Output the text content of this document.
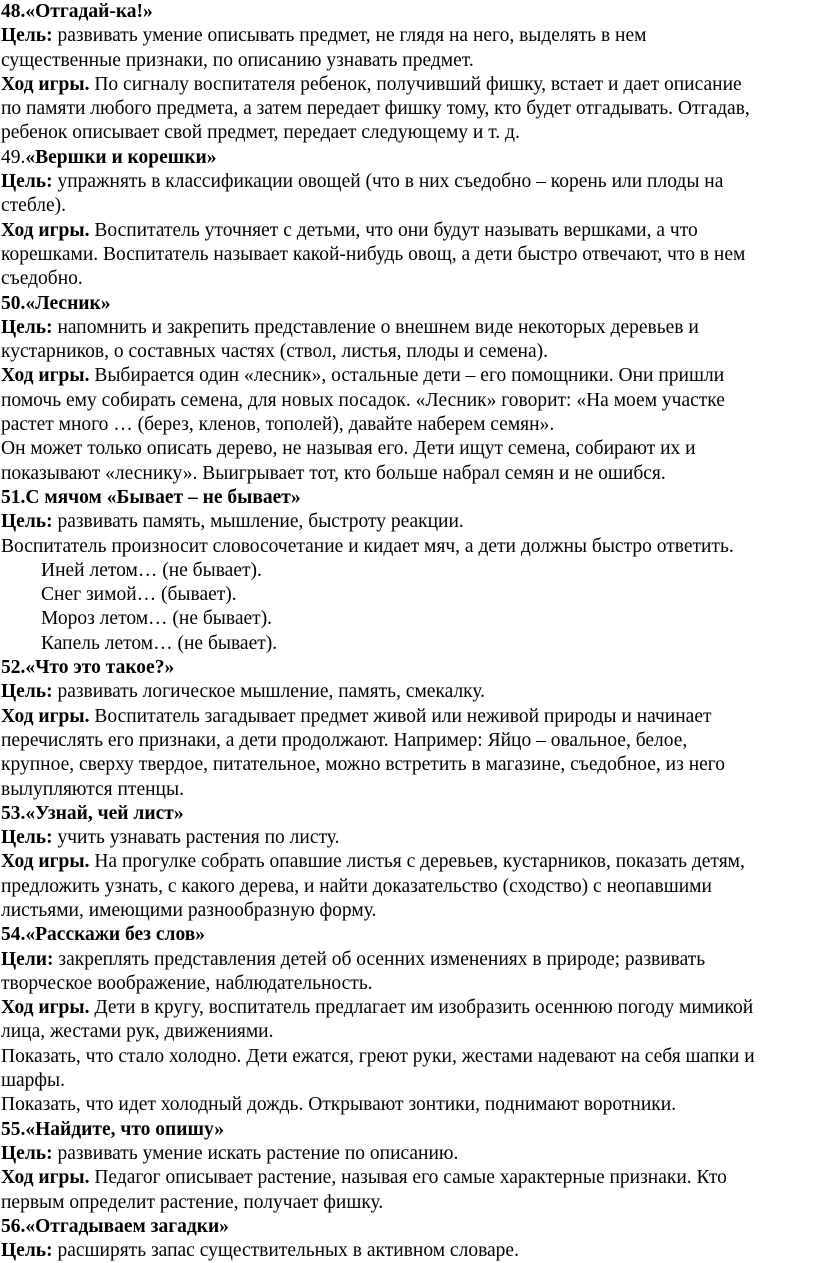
48.«Отгадай-ка!»

Цель: развивать умение описывать предмет, не глядя на него, выделять в нем

существенные признаки, по описанию узнавать предмет.

Ход игры. По сигналу воспитателя ребенок, получивший фишку, встает и дает описание

по памяти любого предмета, а затем передает фишку тому, кто будет отгадывать. Отгадав,

ребенок описывает свой предмет, передает следующему и т. д.

49.«Вершки и корешки»

Цель: упражнять в классификации овощей (что в них съедобно – корень или плоды на

стебле).

Ход игры. Воспитатель уточняет с детьми, что они будут называть вершками, а что

корешками. Воспитатель называет какой-нибудь овощ, а дети быстро отвечают, что в нем

съедобно.

50.«Лесник»

Цель: напомнить и закрепить представление о внешнем виде некоторых деревьев и

кустарников, о составных частях (ствол, листья, плоды и семена).

Ход игры. Выбирается один «лесник», остальные дети – его помощники. Они пришли

помочь ему собирать семена, для новых посадок. «Лесник» говорит: «На моем участке

растет много … (берез, кленов, тополей), давайте наберем семян».

Он может только описать дерево, не называя его. Дети ищут семена, собирают их и

показывают «леснику». Выигрывает тот, кто больше набрал семян и не ошибся.

51.С мячом «Бывает – не бывает»

Цель: развивать память, мышление, быстроту реакции.

Воспитатель произносит словосочетание и кидает мяч, а дети должны быстро ответить.

Иней летом… (не бывает).

Снег зимой… (бывает).

Мороз летом… (не бывает).

Капель летом… (не бывает).

52.«Что это такое?»

Цель: развивать логическое мышление, память, смекалку.

Ход игры. Воспитатель загадывает предмет живой или неживой природы и начинает

перечислять его признаки, а дети продолжают. Например: Яйцо – овальное, белое,

крупное, сверху твердое, питательное, можно встретить в магазине, съедобное, из него

вылупляются птенцы.

53.«Узнай, чей лист»

Цель: учить узнавать растения по листу.

Ход игры. На прогулке собрать опавшие листья с деревьев, кустарников, показать детям,

предложить узнать, с какого дерева, и найти доказательство (сходство) с неопавшими

листьями, имеющими разнообразную форму.

54.«Расскажи без слов»

Цели: закреплять представления детей об осенних изменениях в природе; развивать

творческое воображение, наблюдательность.

Ход игры. Дети в кругу, воспитатель предлагает им изобразить осеннюю погоду мимикой

лица, жестами рук, движениями.

Показать, что стало холодно. Дети ежатся, греют руки, жестами надевают на себя шапки и

шарфы.

Показать, что идет холодный дождь. Открывают зонтики, поднимают воротники.

55.«Найдите, что опишу»

Цель: развивать умение искать растение по описанию.

Ход игры. Педагог описывает растение, называя его самые характерные признаки. Кто

первым определит растение, получает фишку.

56.«Отгадываем загадки»

Цель: расширять запас существительных в активном словаре.
